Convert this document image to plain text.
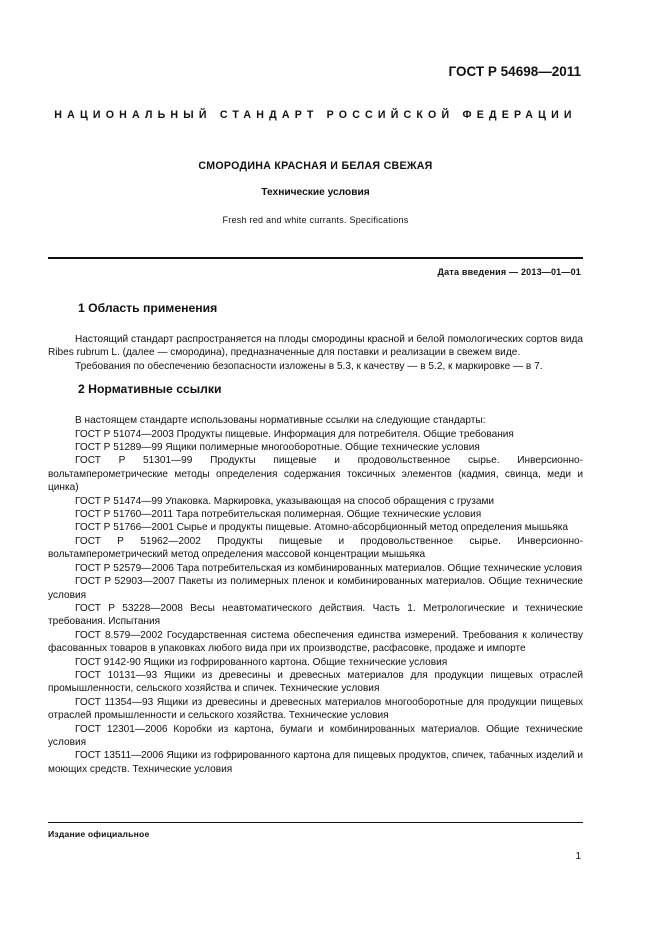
ГОСТ Р 54698—2011
НАЦИОНАЛЬНЫЙ СТАНДАРТ РОССИЙСКОЙ ФЕДЕРАЦИИ
СМОРОДИНА КРАСНАЯ И БЕЛАЯ СВЕЖАЯ
Технические условия
Fresh red and white currants. Specifications
Дата введения — 2013—01—01
1 Область применения

Настоящий стандарт распространяется на плоды смородины красной и белой помологических сортов вида Ribes rubrum L. (далее — смородина), предназначенные для поставки и реализации в свежем виде.

Требования по обеспечению безопасности изложены в 5.3, к качеству — в 5.2, к маркировке — в 7.

2 Нормативные ссылки

В настоящем стандарте использованы нормативные ссылки на следующие стандарты:

ГОСТ Р 51074—2003 Продукты пищевые. Информация для потребителя. Общие требования

ГОСТ Р 51289—99 Ящики полимерные многооборотные. Общие технические условия

ГОСТ Р 51301—99 Продукты пищевые и продовольственное сырье. Инверсионно-вольтамперометрические методы определения содержания токсичных элементов (кадмия, свинца, меди и цинка)

ГОСТ Р 51474—99 Упаковка. Маркировка, указывающая на способ обращения с грузами

ГОСТ Р 51760—2011 Тара потребительская полимерная. Общие технические условия

ГОСТ Р 51766—2001 Сырье и продукты пищевые. Атомно-абсорбционный метод определения мышьяка

ГОСТ Р 51962—2002 Продукты пищевые и продовольственное сырье. Инверсионно-вольтамперометрический метод определения массовой концентрации мышьяка

ГОСТ Р 52579—2006 Тара потребительская из комбинированных материалов. Общие технические условия

ГОСТ Р 52903—2007 Пакеты из полимерных пленок и комбинированных материалов. Общие технические условия

ГОСТ Р 53228—2008 Весы неавтоматического действия. Часть 1. Метрологические и технические требования. Испытания

ГОСТ 8.579—2002 Государственная система обеспечения единства измерений. Требования к количеству фасованных товаров в упаковках любого вида при их производстве, расфасовке, продаже и импорте

ГОСТ 9142-90 Ящики из гофрированного картона. Общие технические условия

ГОСТ 10131—93 Ящики из древесины и древесных материалов для продукции пищевых отраслей промышленности, сельского хозяйства и спичек. Технические условия

ГОСТ 11354—93 Ящики из древесины и древесных материалов многооборотные для продукции пищевых отраслей промышленности и сельского хозяйства. Технические условия

ГОСТ 12301—2006 Коробки из картона, бумаги и комбинированных материалов. Общие технические условия

ГОСТ 13511—2006 Ящики из гофрированного картона для пищевых продуктов, спичек, табачных изделий и моющих средств. Технические условия

Издание официальное
1
